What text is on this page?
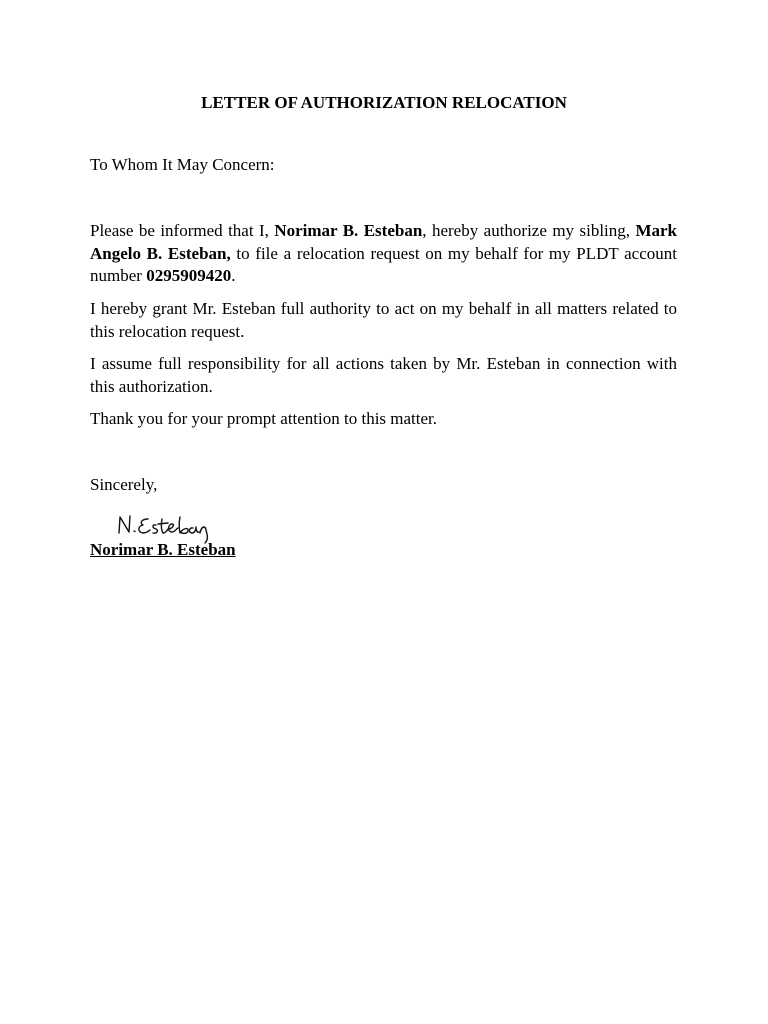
LETTER OF AUTHORIZATION RELOCATION

To Whom It May Concern:

Please be informed that I, Norimar B. Esteban, hereby authorize my sibling, Mark Angelo B. Esteban, to file a relocation request on my behalf for my PLDT account number 0295909420.

I hereby grant Mr. Esteban full authority to act on my behalf in all matters related to this relocation request.

I assume full responsibility for all actions taken by Mr. Esteban in connection with this authorization.

Thank you for your prompt attention to this matter.

Sincerely,

Norimar B. Esteban
